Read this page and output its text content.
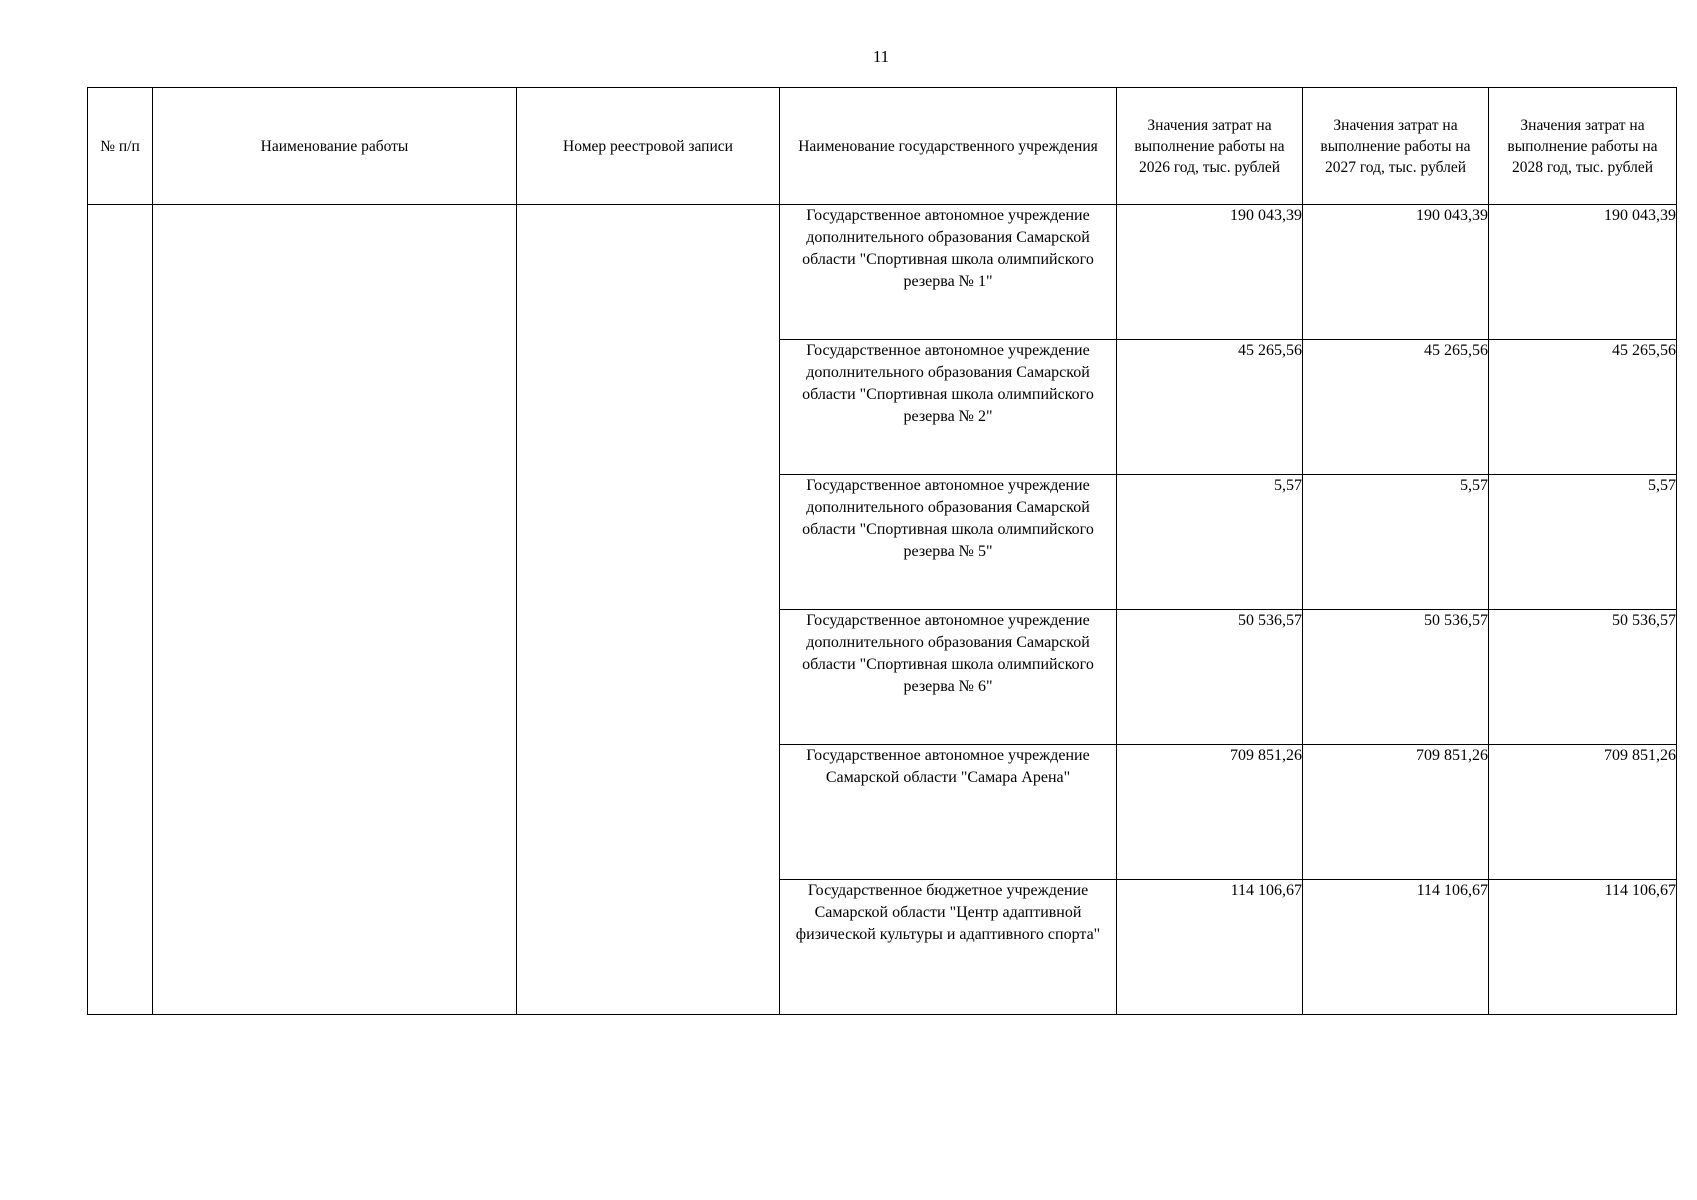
11
№ п/п	Наименование работы	Номер реестровой записи	Наименование государственного учреждения	Значения затрат на выполнение работы на 2026 год, тыс. рублей	Значения затрат на выполнение работы на 2027 год, тыс. рублей	Значения затрат на выполнение работы на 2028 год, тыс. рублей
			Государственное автономное учреждение дополнительного образования Самарской области "Спортивная школа олимпийского резерва № 1"	190 043,39	190 043,39	190 043,39
			Государственное автономное учреждение дополнительного образования Самарской области "Спортивная школа олимпийского резерва № 2"	45 265,56	45 265,56	45 265,56
			Государственное автономное учреждение дополнительного образования Самарской области "Спортивная школа олимпийского резерва № 5"	5,57	5,57	5,57
			Государственное автономное учреждение дополнительного образования Самарской области "Спортивная школа олимпийского резерва № 6"	50 536,57	50 536,57	50 536,57
			Государственное автономное учреждение Самарской области "Самара Арена"	709 851,26	709 851,26	709 851,26
			Государственное бюджетное учреждение Самарской области "Центр адаптивной физической культуры и адаптивного спорта"	114 106,67	114 106,67	114 106,67
